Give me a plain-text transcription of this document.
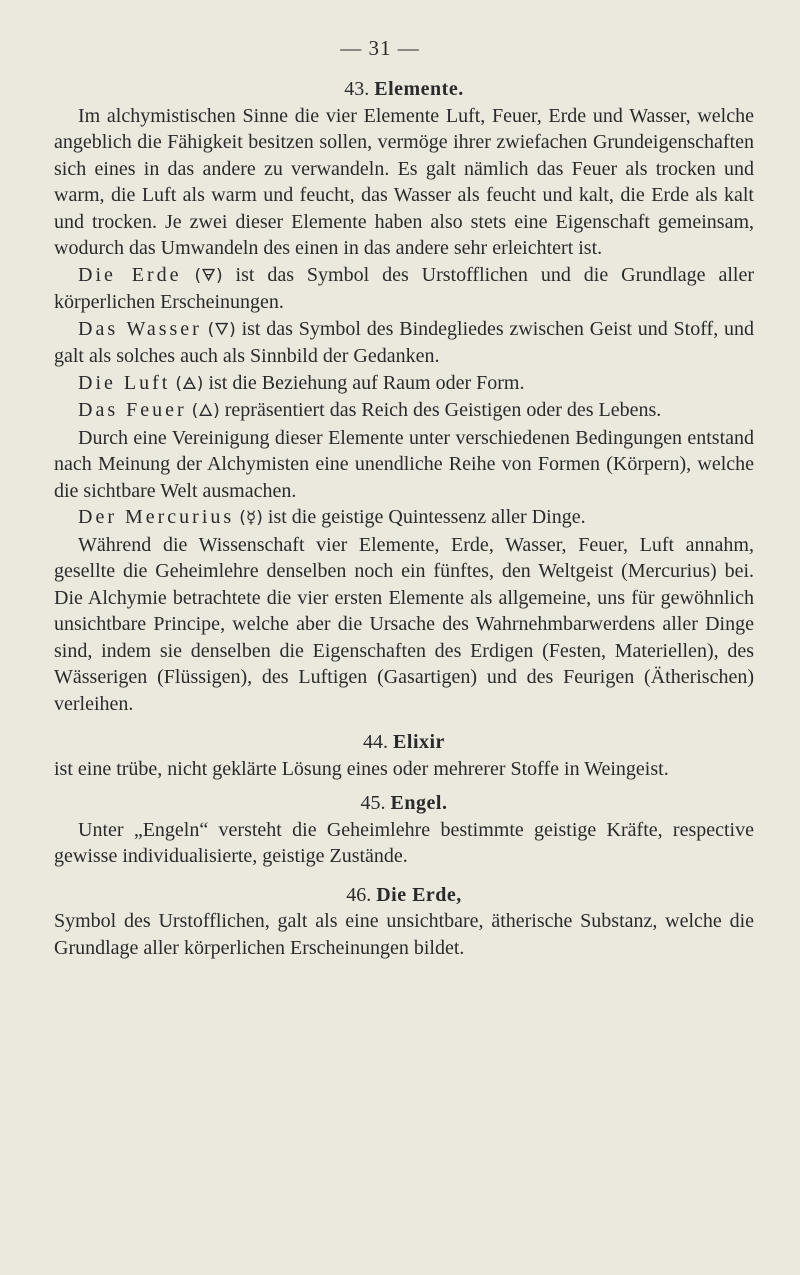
— 31 —
43. Elemente.

Im alchymistischen Sinne die vier Elemente Luft, Feuer, Erde und Wasser, welche angeblich die Fähigkeit besitzen sollen, vermöge ihrer zwiefachen Grundeigenschaften sich eines in das andere zu verwandeln. Es galt nämlich das Feuer als trocken und warm, die Luft als warm und feucht, das Wasser als feucht und kalt, die Erde als kalt und trocken. Je zwei dieser Elemente haben also stets eine Eigenschaft gemeinsam, wodurch das Umwandeln des einen in das andere sehr erleichtert ist.

Die Erde (🜃) ist das Symbol des Urstofflichen und die Grundlage aller körperlichen Erscheinungen.

Das Wasser (🜄) ist das Symbol des Bindegliedes zwischen Geist und Stoff, und galt als solches auch als Sinnbild der Gedanken.

Die Luft (🜁) ist die Beziehung auf Raum oder Form.

Das Feuer (🜂) repräsentiert das Reich des Geistigen oder des Lebens.

Durch eine Vereinigung dieser Elemente unter verschiedenen Bedingungen entstand nach Meinung der Alchymisten eine unendliche Reihe von Formen (Körpern), welche die sichtbare Welt ausmachen.

Der Mercurius (☿) ist die geistige Quintessenz aller Dinge.

Während die Wissenschaft vier Elemente, Erde, Wasser, Feuer, Luft annahm, gesellte die Geheimlehre denselben noch ein fünftes, den Weltgeist (Mercurius) bei. Die Alchymie betrachtete die vier ersten Elemente als allgemeine, uns für gewöhnlich unsichtbare Principe, welche aber die Ursache des Wahrnehmbarwerdens aller Dinge sind, indem sie denselben die Eigenschaften des Erdigen (Festen, Materiellen), des Wässerigen (Flüssigen), des Luftigen (Gasartigen) und des Feurigen (Ätherischen) verleihen.

44. Elixir

ist eine trübe, nicht geklärte Lösung eines oder mehrerer Stoffe in Weingeist.

45. Engel.

Unter „Engeln“ versteht die Geheimlehre bestimmte geistige Kräfte, respective gewisse individualisierte, geistige Zustände.

46. Die Erde,

Symbol des Urstofflichen, galt als eine unsichtbare, ätherische Substanz, welche die Grundlage aller körperlichen Erscheinungen bildet.
